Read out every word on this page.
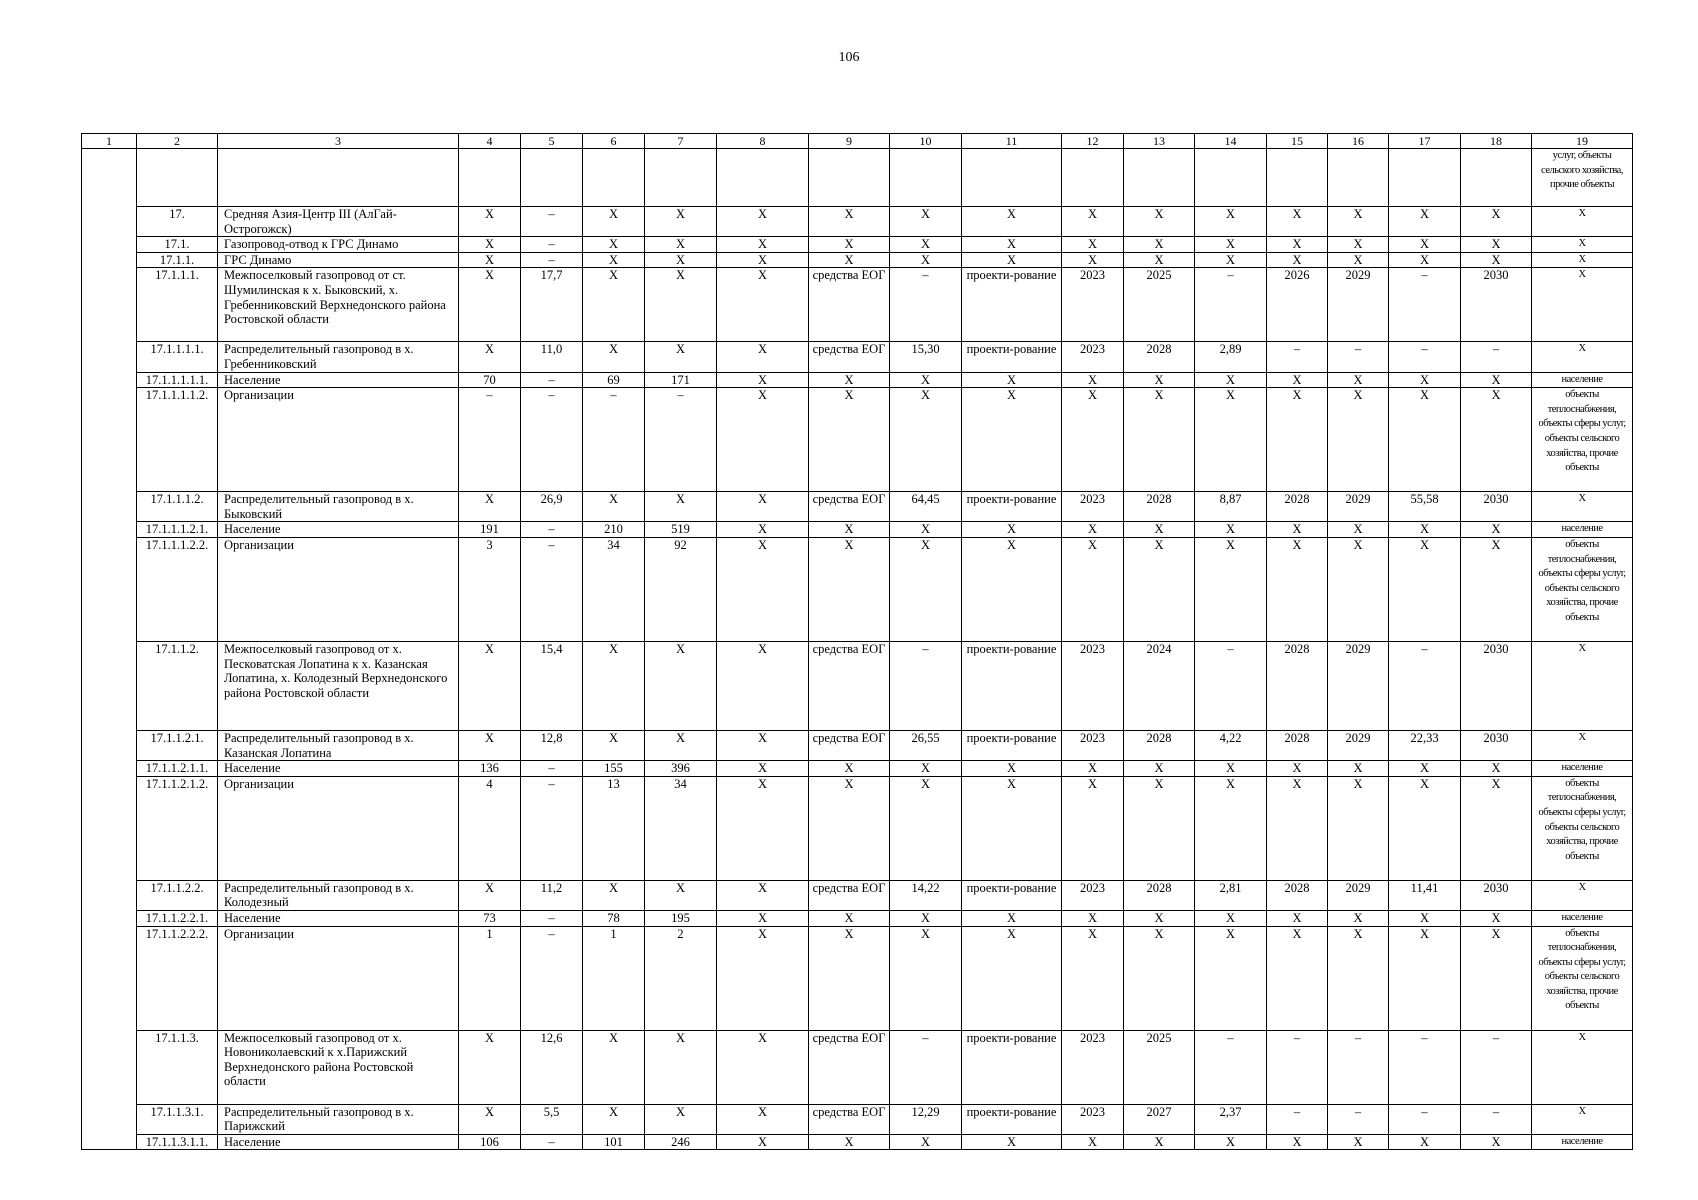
106
1	2	3	4	5	6	7	8	9	10	11	12	13	14	15	16	17	18	19
																		услуг, объекты сельского хозяйства, прочие объекты
	17.	Средняя Азия-Центр III (АлГай-Острогожск)	X	–	X	X	X	X	X	X	X	X	X	X	X	X	X	X
	17.1.	Газопровод-отвод к ГРС Динамо	X	–	X	X	X	X	X	X	X	X	X	X	X	X	X	X
	17.1.1.	ГРС Динамо	X	–	X	X	X	X	X	X	X	X	X	X	X	X	X	X
	17.1.1.1.	Межпоселковый газопровод от ст. Шумилинская к х. Быковский, х. Гребенниковский Верхнедонского района Ростовской области	X	17,7	X	X	X	средства ЕОГ	–	проекти-рование	2023	2025	–	2026	2029	–	2030	X
	17.1.1.1.1.	Распределительный газопровод в х. Гребенниковский	X	11,0	X	X	X	средства ЕОГ	15,30	проекти-рование	2023	2028	2,89	–	–	–	–	X
	17.1.1.1.1.1.	Население	70	–	69	171	X	X	X	X	X	X	X	X	X	X	X	население
	17.1.1.1.1.2.	Организации	–	–	–	–	X	X	X	X	X	X	X	X	X	X	X	объекты теплоснабжения, объекты сферы услуг, объекты сельского хозяйства, прочие объекты
	17.1.1.1.2.	Распределительный газопровод в х. Быковский	X	26,9	X	X	X	средства ЕОГ	64,45	проекти-рование	2023	2028	8,87	2028	2029	55,58	2030	X
	17.1.1.1.2.1.	Население	191	–	210	519	X	X	X	X	X	X	X	X	X	X	X	население
	17.1.1.1.2.2.	Организации	3	–	34	92	X	X	X	X	X	X	X	X	X	X	X	объекты теплоснабжения, объекты сферы услуг, объекты сельского хозяйства, прочие объекты
	17.1.1.2.	Межпоселковый газопровод от х. Песковатская Лопатина к х. Казанская Лопатина, х. Колодезный Верхнедонского района Ростовской области	X	15,4	X	X	X	средства ЕОГ	–	проекти-рование	2023	2024	–	2028	2029	–	2030	X
	17.1.1.2.1.	Распределительный газопровод в х. Казанская Лопатина	X	12,8	X	X	X	средства ЕОГ	26,55	проекти-рование	2023	2028	4,22	2028	2029	22,33	2030	X
	17.1.1.2.1.1.	Население	136	–	155	396	X	X	X	X	X	X	X	X	X	X	X	население
	17.1.1.2.1.2.	Организации	4	–	13	34	X	X	X	X	X	X	X	X	X	X	X	объекты теплоснабжения, объекты сферы услуг, объекты сельского хозяйства, прочие объекты
	17.1.1.2.2.	Распределительный газопровод в х. Колодезный	X	11,2	X	X	X	средства ЕОГ	14,22	проекти-рование	2023	2028	2,81	2028	2029	11,41	2030	X
	17.1.1.2.2.1.	Население	73	–	78	195	X	X	X	X	X	X	X	X	X	X	X	население
	17.1.1.2.2.2.	Организации	1	–	1	2	X	X	X	X	X	X	X	X	X	X	X	объекты теплоснабжения, объекты сферы услуг, объекты сельского хозяйства, прочие объекты
	17.1.1.3.	Межпоселковый газопровод от х. Новониколаевский к х.Парижский Верхнедонского района Ростовской области	X	12,6	X	X	X	средства ЕОГ	–	проекти-рование	2023	2025	–	–	–	–	–	X
	17.1.1.3.1.	Распределительный газопровод в х. Парижский	X	5,5	X	X	X	средства ЕОГ	12,29	проекти-рование	2023	2027	2,37	–	–	–	–	X
	17.1.1.3.1.1.	Население	106	–	101	246	X	X	X	X	X	X	X	X	X	X	X	население
